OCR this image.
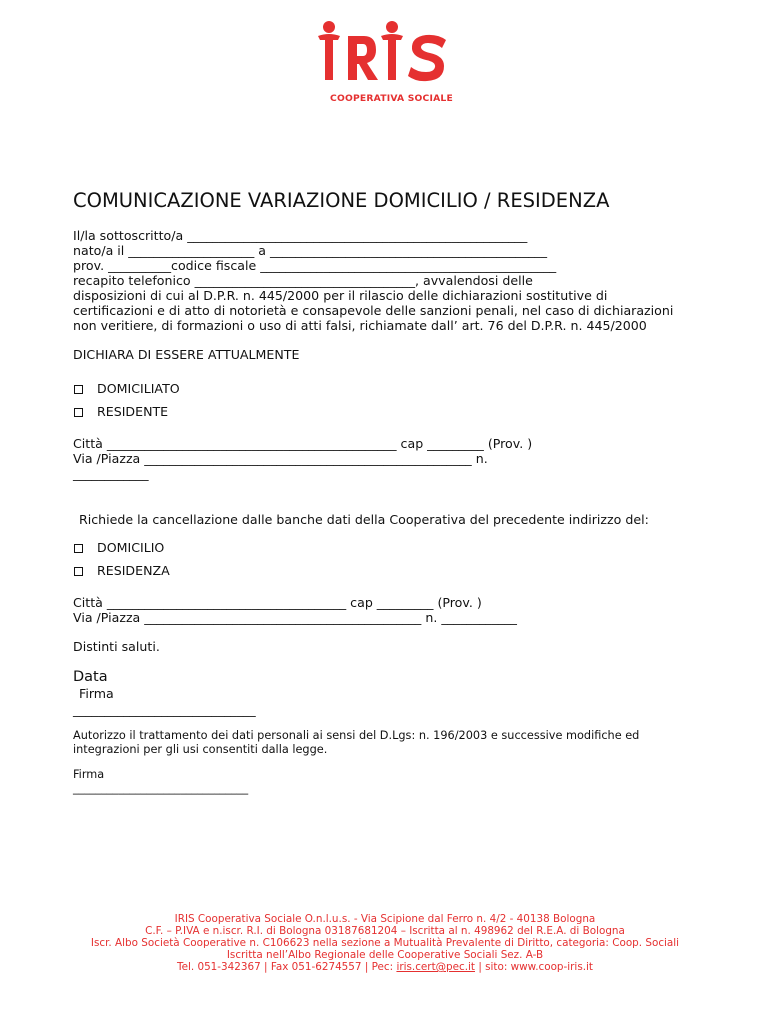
COOPERATIVA SOCIALE
COMUNICAZIONE VARIAZIONE DOMICILIO / RESIDENZA
Il/la sottoscritto/a ______________________________________________________
nato/a il ____________________ a ____________________________________________
prov. __________codice fiscale _______________________________________________
recapito telefonico ___________________________________, avvalendosi delle
disposizioni di cui al D.P.R. n. 445/2000 per il rilascio delle dichiarazioni sostitutive di
certificazioni e di atto di notorietà e consapevole delle sanzioni penali, nel caso di dichiarazioni
non veritiere, di formazioni o uso di atti falsi, richiamate dall’ art. 76 del D.P.R. n. 445/2000
DICHIARA DI ESSERE ATTUALMENTE
DOMICILIATO
RESIDENTE
Città ______________________________________________ cap _________ (Prov. )
Via /Piazza ____________________________________________________ n.
____________
Richiede la cancellazione dalle banche dati della Cooperativa del precedente indirizzo del:
DOMICILIO
RESIDENZA
Città ______________________________________ cap _________ (Prov. )
Via /Piazza ____________________________________________ n. ____________
Distinti saluti.
Data
Firma
_____________________________
Autorizzo il trattamento dei dati personali ai sensi del D.Lgs: n. 196/2003 e successive modifiche ed
integrazioni per gli usi consentiti dalla legge.
Firma
_______________________________
IRIS Cooperativa Sociale O.n.l.u.s. - Via Scipione dal Ferro n. 4/2 - 40138 Bologna
C.F. – P.IVA e n.iscr. R.I. di Bologna 03187681204 – Iscritta al n. 498962 del R.E.A. di Bologna
Iscr. Albo Società Cooperative n. C106623 nella sezione a Mutualità Prevalente di Diritto, categoria: Coop. Sociali
Iscritta nell’Albo Regionale delle Cooperative Sociali Sez. A-B
Tel. 051-342367 | Fax 051-6274557 | Pec: iris.cert@pec.it | sito: www.coop-iris.it
